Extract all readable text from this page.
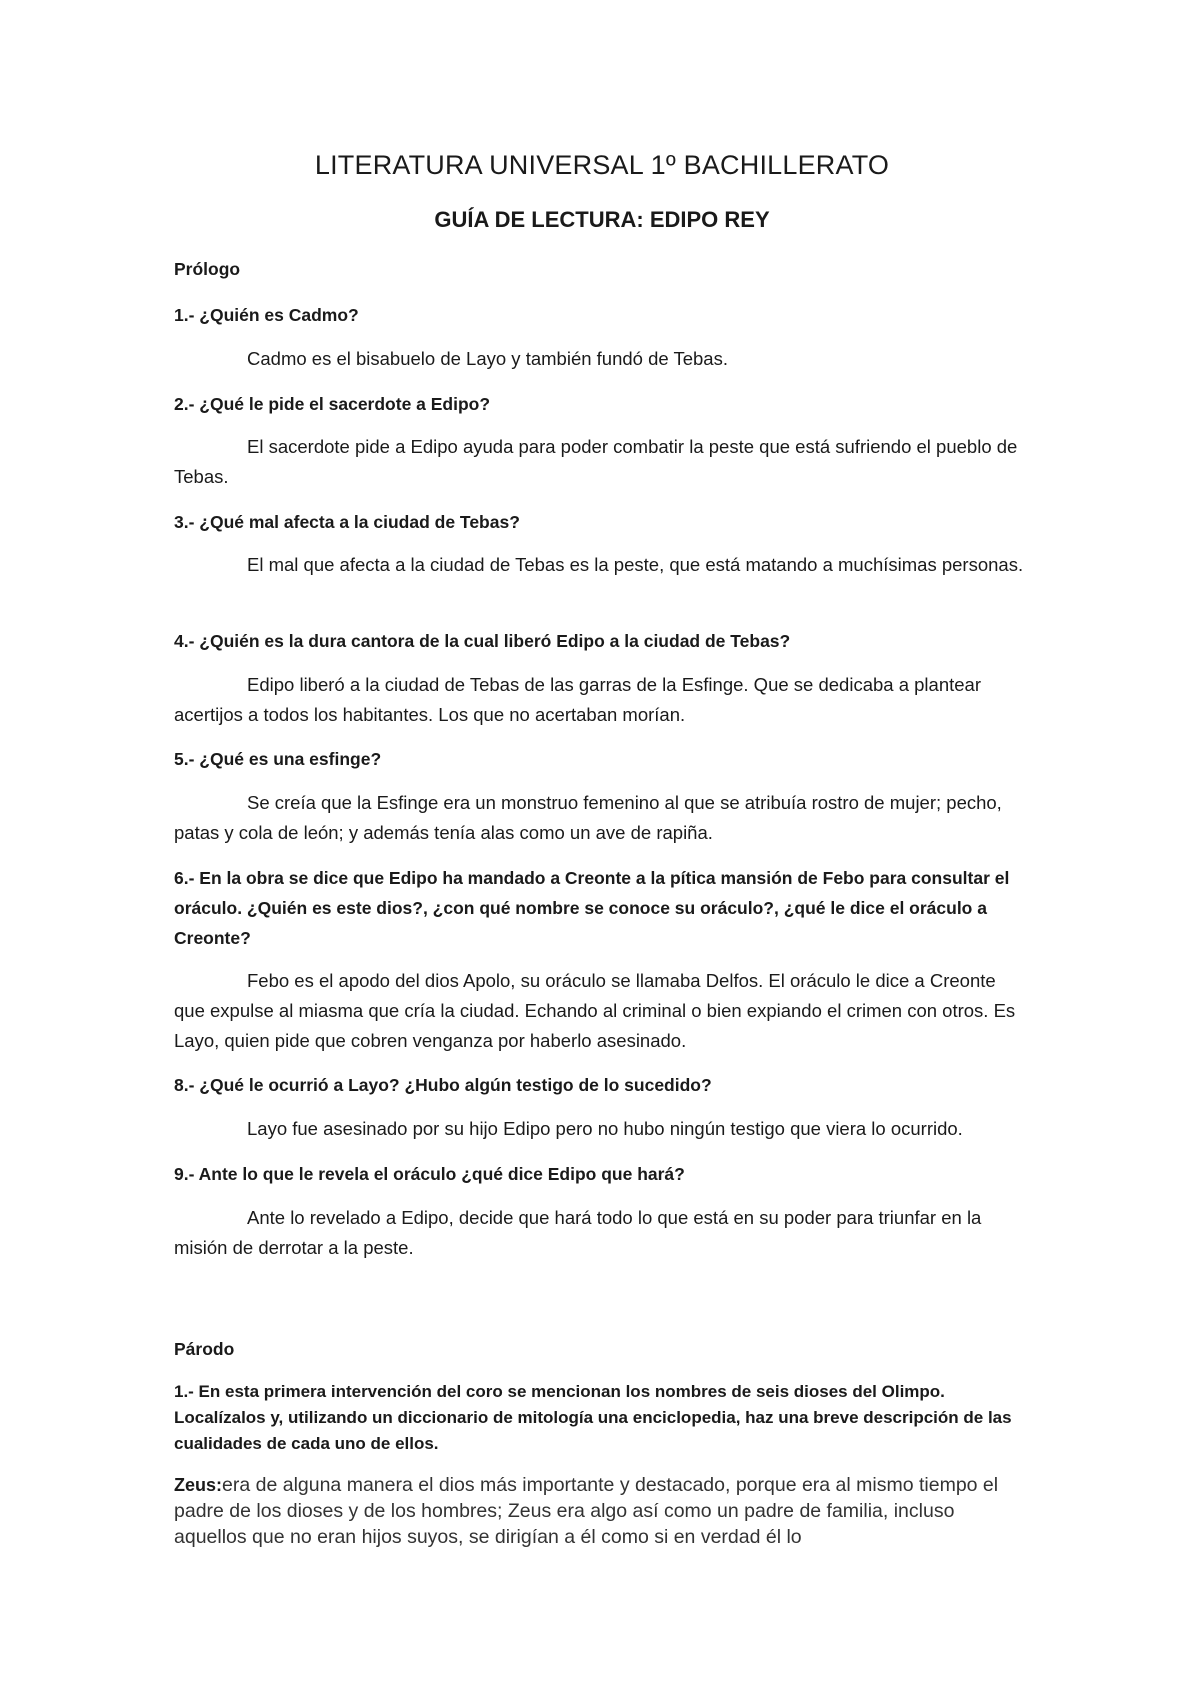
LITERATURA UNIVERSAL 1º BACHILLERATO
GUÍA DE LECTURA: EDIPO REY
Prólogo
1.- ¿Quién es Cadmo?
Cadmo es el bisabuelo de Layo y también fundó de Tebas.
2.- ¿Qué le pide el sacerdote a Edipo?
El sacerdote pide a Edipo ayuda para poder combatir la peste que está sufriendo el pueblo de Tebas.
3.- ¿Qué mal afecta a la ciudad de Tebas?
El mal que afecta a la ciudad de Tebas es la peste, que está matando a muchísimas personas.
4.- ¿Quién es la dura cantora de la cual liberó Edipo a la ciudad de Tebas?
Edipo liberó a la ciudad de Tebas de las garras de la Esfinge. Que se dedicaba a plantear acertijos a todos los habitantes. Los que no acertaban morían.
5.- ¿Qué es una esfinge?
Se creía que la Esfinge era un monstruo femenino al que se atribuía rostro de mujer; pecho, patas y cola de león; y además tenía alas como un ave de rapiña.
6.- En la obra se dice que Edipo ha mandado a Creonte a la pítica mansión de Febo para consultar el oráculo. ¿Quién es este dios?, ¿con qué nombre se conoce su oráculo?, ¿qué le dice el oráculo a Creonte?
Febo es el apodo del dios Apolo, su oráculo se llamaba Delfos. El oráculo le dice a Creonte que expulse al miasma que cría la ciudad. Echando al criminal o bien expiando el crimen con otros. Es Layo, quien pide que cobren venganza por haberlo asesinado.
8.- ¿Qué le ocurrió a Layo? ¿Hubo algún testigo de lo sucedido?
Layo fue asesinado por su hijo Edipo pero no hubo ningún testigo que viera lo ocurrido.
9.- Ante lo que le revela el oráculo ¿qué dice Edipo que hará?
Ante lo revelado a Edipo, decide que hará todo lo que está en su poder para triunfar en la misión de derrotar a la peste.
Párodo
1.- En esta primera intervención del coro se mencionan los nombres de seis dioses del Olimpo. Localízalos y, utilizando un diccionario de mitología una enciclopedia, haz una breve descripción de las cualidades de cada uno de ellos.
Zeus:era de alguna manera el dios más importante y destacado, porque era al mismo tiempo el padre de los dioses y de los hombres; Zeus era algo así como un padre de familia, incluso aquellos que no eran hijos suyos, se dirigían a él como si en verdad él lo
